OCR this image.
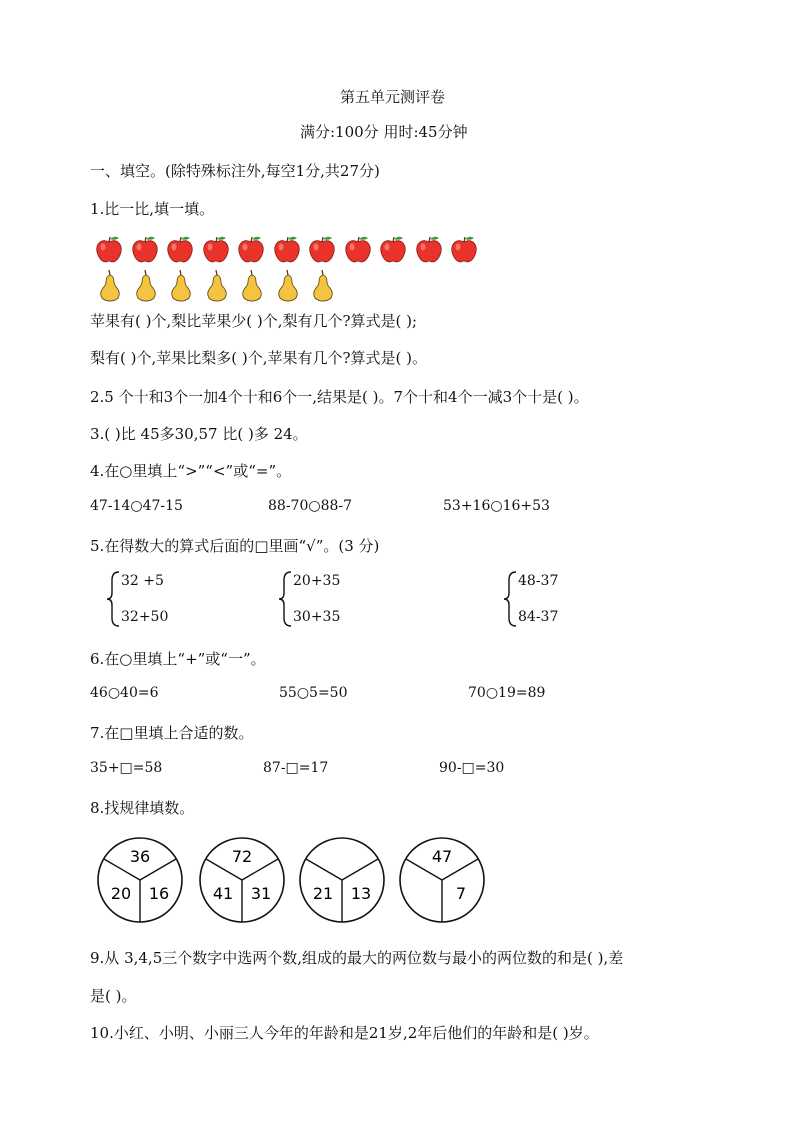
第五单元测评卷
满分:100分 用时:45分钟
一、填空。(除特殊标注外,每空1分,共27分)
1.比一比,填一填。
苹果有( )个,梨比苹果少( )个,梨有几个?算式是( );
梨有( )个,苹果比梨多( )个,苹果有几个?算式是( )。
2.5 个十和3个一加4个十和6个一,结果是( )。7个十和4个一减3个十是( )。
3.( )比 45多30,57 比( )多 24。
4.在○里填上“>”“<”或“=”。
47-14○47-15	88-70○88-7	53+16○16+53
5.在得数大的算式后面的□里画“√”。(3 分)
32 +5
32+50
20+35
30+35
48-37
84-37
6.在○里填上“+”或“一”。
46○40=6	55○5=50	70○19=89
7.在□里填上合适的数。
35+□=58	87-□=17	90-□=30
8.找规律填数。
36
20 16
72
41 31	21 13
47
7
9.从 3,4,5三个数字中选两个数,组成的最大的两位数与最小的两位数的和是( ),差
是( )。
10.小红、小明、小丽三人今年的年龄和是21岁,2年后他们的年龄和是( )岁。
